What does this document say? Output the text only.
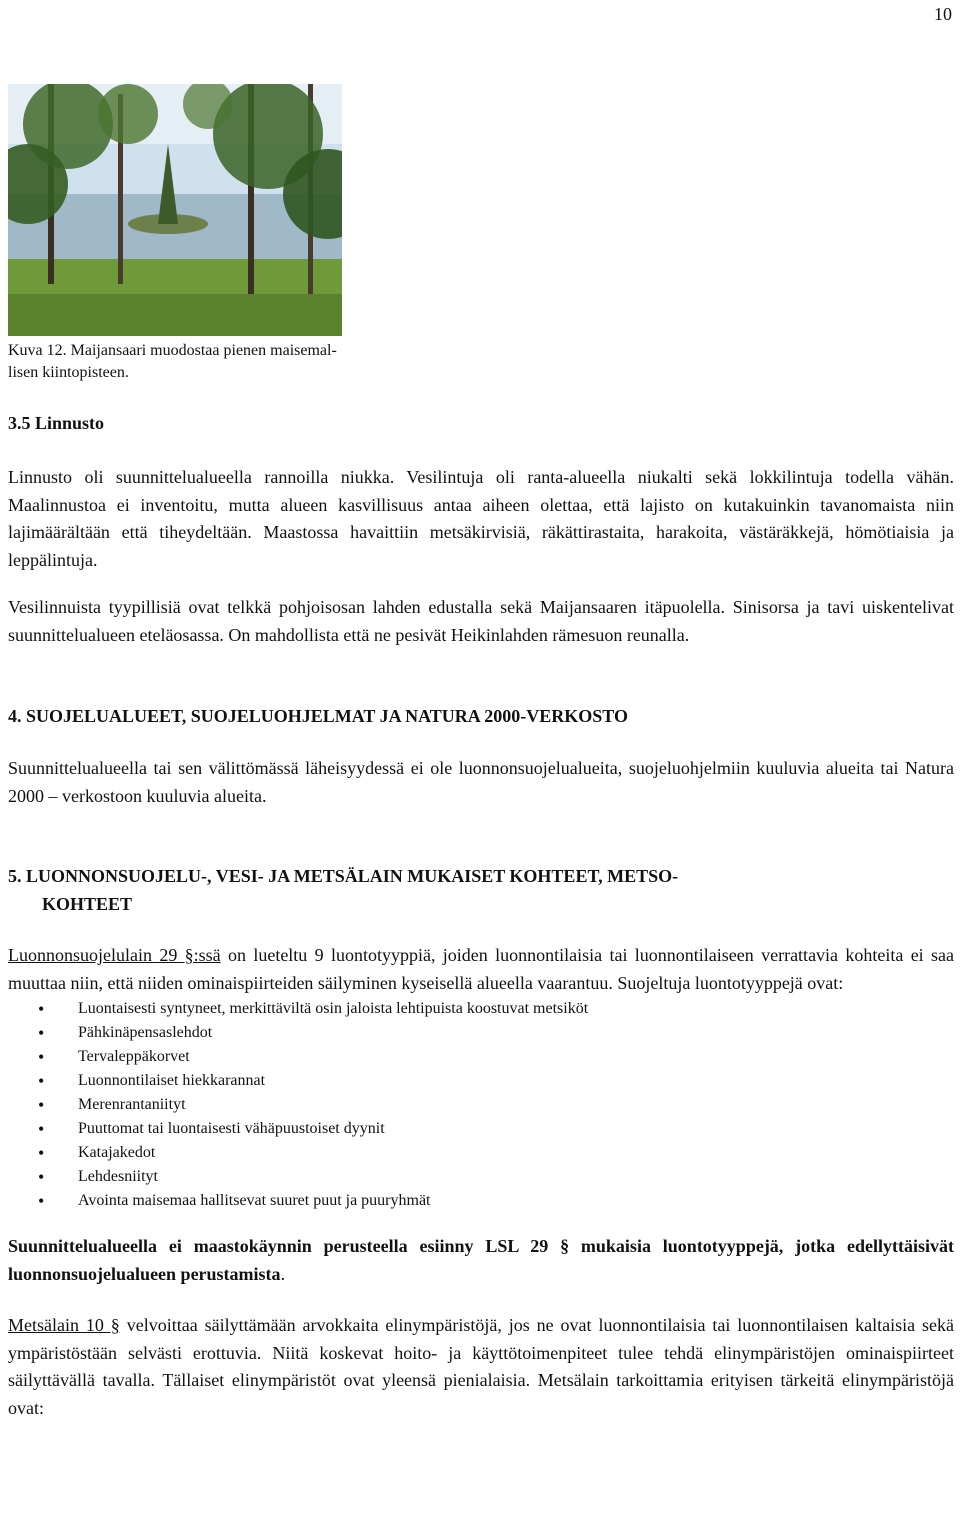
10
Kuva 12. Maijansaari muodostaa pienen maisemal-
lisen kiintopisteen.
3.5 Linnusto

Linnusto oli suunnittelualueella rannoilla niukka. Vesilintuja oli ranta-alueella niukalti sekä lokkilintuja todella vähän. Maalinnustoa ei inventoitu, mutta alueen kasvillisuus antaa aiheen olettaa, että lajisto on kutakuinkin tavanomaista niin lajimäärältään että tiheydeltään. Maastossa havaittiin metsäkirvisiä, räkättirastaita, harakoita, västäräkkejä, hömötiaisia ja leppälintuja.

Vesilinnuista tyypillisiä ovat telkkä pohjoisosan lahden edustalla sekä Maijansaaren itäpuolella. Sinisorsa ja tavi uiskentelivat suunnittelualueen eteläosassa. On mahdollista että ne pesivät Heikinlahden rämesuon reunalla.

4. SUOJELUALUEET, SUOJELUOHJELMAT JA NATURA 2000-VERKOSTO

Suunnittelualueella tai sen välittömässä läheisyydessä ei ole luonnonsuojelualueita, suojeluohjelmiin kuuluvia alueita tai Natura 2000 – verkostoon kuuluvia alueita.

5. LUONNONSUOJELU-, VESI- JA METSÄLAIN MUKAISET KOHTEET, METSO-
KOHTEET

Luonnonsuojelulain 29 §:ssä on lueteltu 9 luontotyyppiä, joiden luonnontilaisia tai luonnontilaiseen verrattavia kohteita ei saa muuttaa niin, että niiden ominaispiirteiden säilyminen kyseisellä alueella vaarantuu. Suojeltuja luontotyyppejä ovat:

• Luontaisesti syntyneet, merkittäviltä osin jaloista lehtipuista koostuvat metsiköt
• Pähkinäpensaslehdot
• Tervaleppäkorvet
• Luonnontilaiset hiekkarannat
• Merenrantaniityt
• Puuttomat tai luontaisesti vähäpuustoiset dyynit
• Katajakedot
• Lehdesniityt
• Avointa maisemaa hallitsevat suuret puut ja puuryhmät

Suunnittelualueella ei maastokäynnin perusteella esiinny LSL 29 § mukaisia luontotyyppejä, jotka edellyttäisivät luonnonsuojelualueen perustamista.

Metsälain 10 § velvoittaa säilyttämään arvokkaita elinympäristöjä, jos ne ovat luonnontilaisia tai luonnontilaisen kaltaisia sekä ympäristöstään selvästi erottuvia. Niitä koskevat hoito- ja käyttötoimenpiteet tulee tehdä elinympäristöjen ominaispiirteet säilyttävällä tavalla. Tällaiset elinympäristöt ovat yleensä pienialaisia. Metsälain tarkoittamia erityisen tärkeitä elinympäristöjä ovat:
